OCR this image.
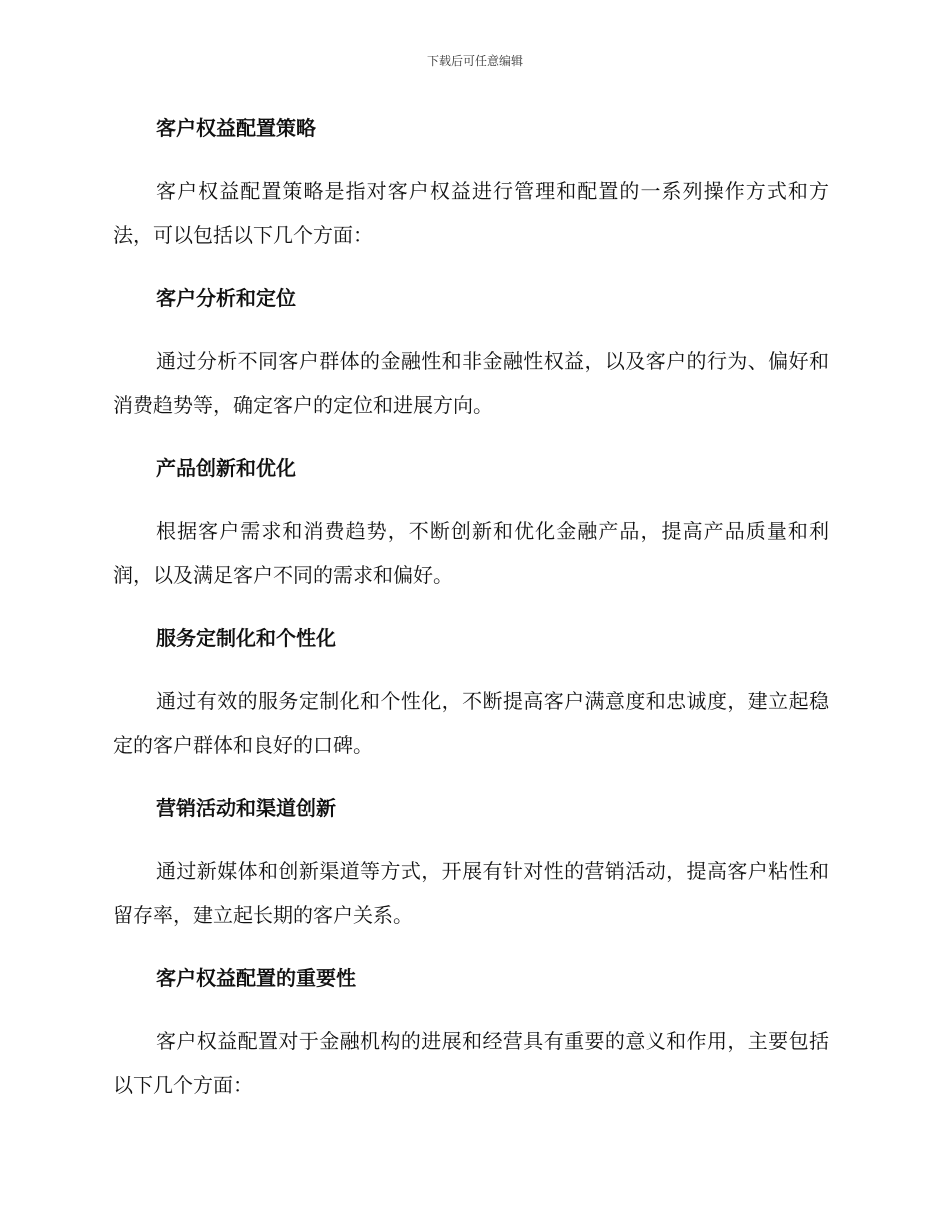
下载后可任意编辑
客户权益配置策略

客户权益配置策略是指对客户权益进行管理和配置的一系列操作方式和方法，可以包括以下几个方面：

客户分析和定位

通过分析不同客户群体的金融性和非金融性权益，以及客户的行为、偏好和消费趋势等，确定客户的定位和进展方向。

产品创新和优化

根据客户需求和消费趋势，不断创新和优化金融产品，提高产品质量和利润，以及满足客户不同的需求和偏好。

服务定制化和个性化

通过有效的服务定制化和个性化，不断提高客户满意度和忠诚度，建立起稳定的客户群体和良好的口碑。

营销活动和渠道创新

通过新媒体和创新渠道等方式，开展有针对性的营销活动，提高客户粘性和留存率，建立起长期的客户关系。

客户权益配置的重要性

客户权益配置对于金融机构的进展和经营具有重要的意义和作用，主要包括以下几个方面：
